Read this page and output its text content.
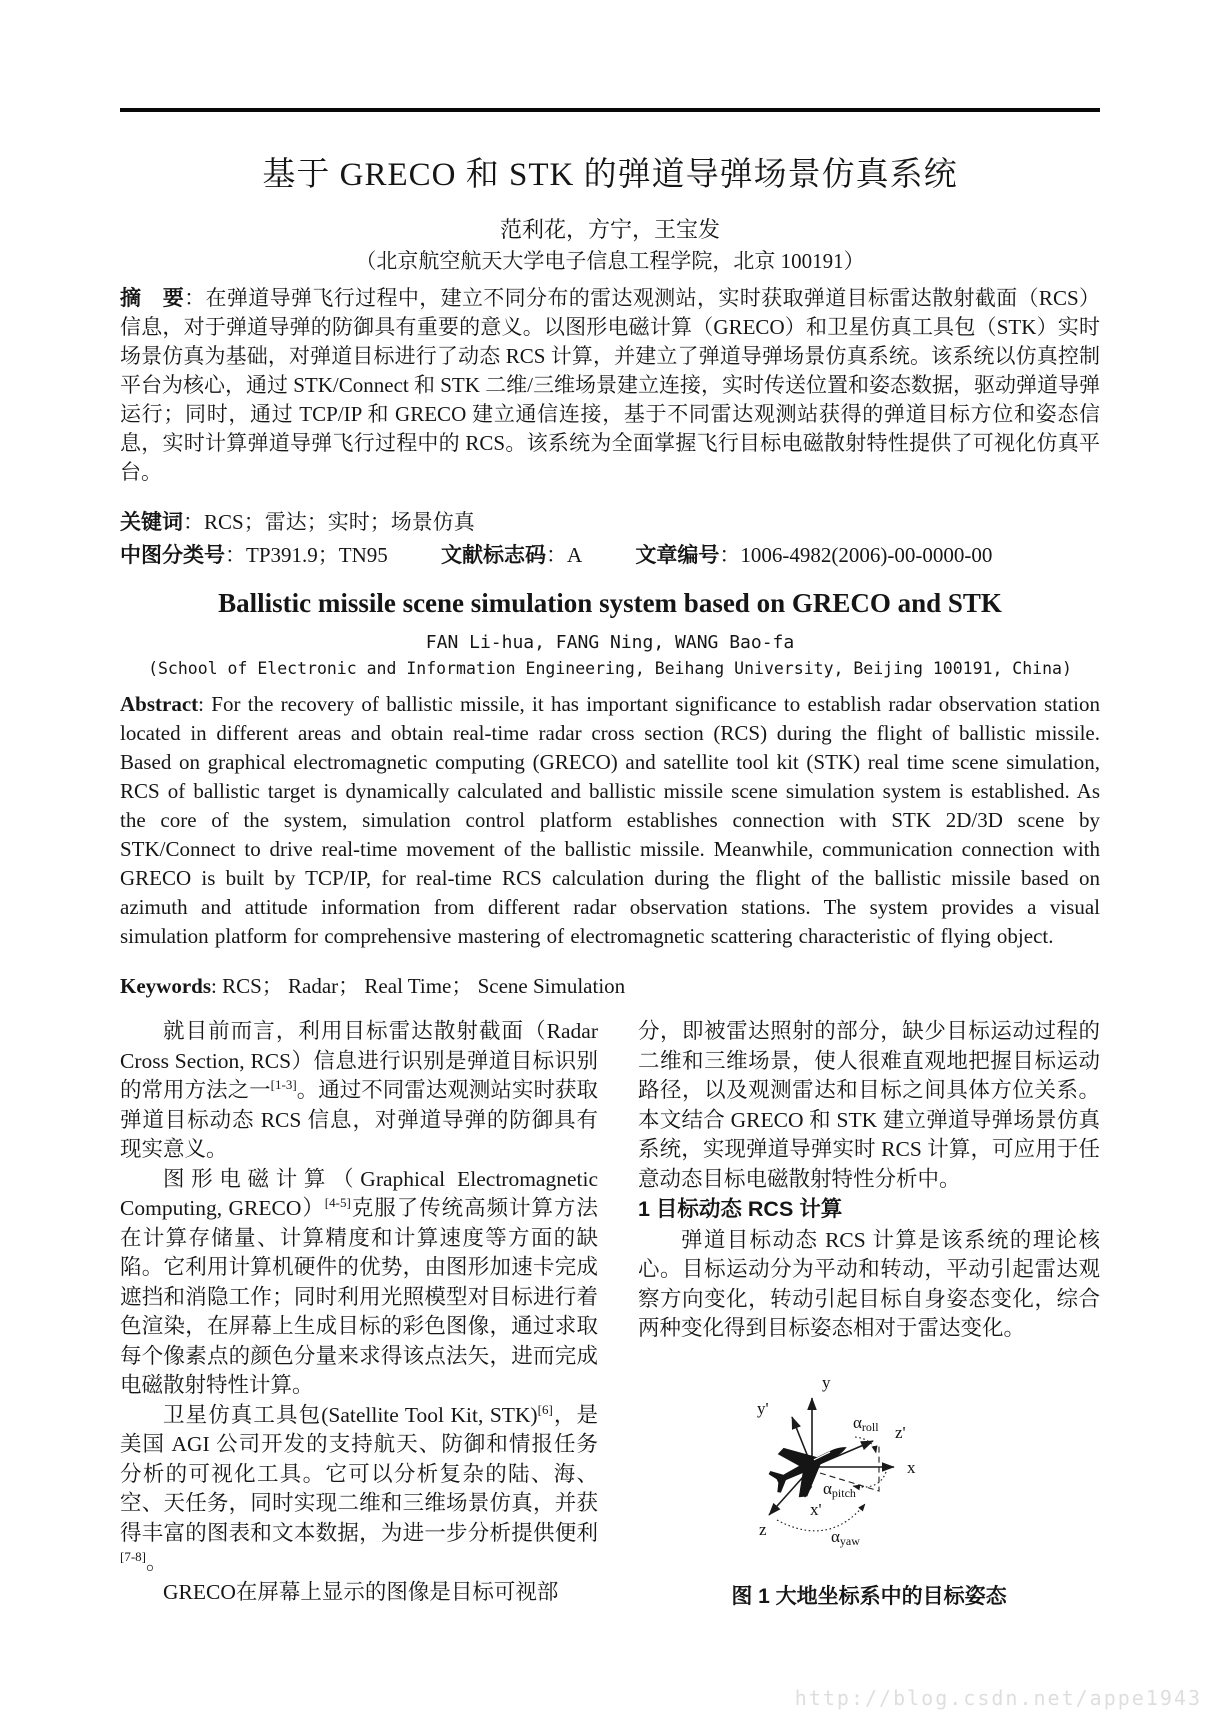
基于 GRECO 和 STK 的弹道导弹场景仿真系统
范利花，方宁，王宝发
（北京航空航天大学电子信息工程学院，北京 100191）

摘　要：在弹道导弹飞行过程中，建立不同分布的雷达观测站，实时获取弹道目标雷达散射截面（RCS）信息，对于弹道导弹的防御具有重要的意义。以图形电磁计算（GRECO）和卫星仿真工具包（STK）实时场景仿真为基础，对弹道目标进行了动态 RCS 计算，并建立了弹道导弹场景仿真系统。该系统以仿真控制平台为核心，通过 STK/Connect 和 STK 二维/三维场景建立连接，实时传送位置和姿态数据，驱动弹道导弹运行；同时，通过 TCP/IP 和 GRECO 建立通信连接，基于不同雷达观测站获得的弹道目标方位和姿态信息，实时计算弹道导弹飞行过程中的 RCS。该系统为全面掌握飞行目标电磁散射特性提供了可视化仿真平台。

关键词：RCS；雷达；实时；场景仿真
中图分类号：TP391.9；TN95	文献标志码：A	文章编号：1006-4982(2006)-00-0000-00
Ballistic missile scene simulation system based on GRECO and STK
FAN Li-hua, FANG Ning, WANG Bao-fa
(School of Electronic and Information Engineering, Beihang University, Beijing 100191, China)

Abstract: For the recovery of ballistic missile, it has important significance to establish radar observation station located in different areas and obtain real-time radar cross section (RCS) during the flight of ballistic missile. Based on graphical electromagnetic computing (GRECO) and satellite tool kit (STK) real time scene simulation, RCS of ballistic target is dynamically calculated and ballistic missile scene simulation system is established. As the core of the system, simulation control platform establishes connection with STK 2D/3D scene by STK/Connect to drive real-time movement of the ballistic missile. Meanwhile, communication connection with GRECO is built by TCP/IP, for real-time RCS calculation during the flight of the ballistic missile based on azimuth and attitude information from different radar observation stations. The system provides a visual simulation platform for comprehensive mastering of electromagnetic scattering characteristic of flying object.

Keywords: RCS； Radar； Real Time； Scene Simulation

就目前而言，利用目标雷达散射截面（Radar Cross Section, RCS）信息进行识别是弹道目标识别的常用方法之一[1-3]。通过不同雷达观测站实时获取弹道目标动态 RCS 信息，对弹道导弹的防御具有现实意义。

图形电磁计算（Graphical Electromagnetic Computing, GRECO）[4-5]克服了传统高频计算方法在计算存储量、计算精度和计算速度等方面的缺陷。它利用计算机硬件的优势，由图形加速卡完成遮挡和消隐工作；同时利用光照模型对目标进行着色渲染，在屏幕上生成目标的彩色图像，通过求取每个像素点的颜色分量来求得该点法矢，进而完成电磁散射特性计算。

卫星仿真工具包(Satellite Tool Kit, STK)[6]，是美国 AGI 公司开发的支持航天、防御和情报任务分析的可视化工具。它可以分析复杂的陆、海、空、天任务，同时实现二维和三维场景仿真，并获得丰富的图表和文本数据，为进一步分析提供便利[7-8]。

GRECO在屏幕上显示的图像是目标可视部

分，即被雷达照射的部分，缺少目标运动过程的二维和三维场景，使人很难直观地把握目标运动路径，以及观测雷达和目标之间具体方位关系。本文结合 GRECO 和 STK 建立弹道导弹场景仿真系统，实现弹道导弹实时 RCS 计算，可应用于任意动态目标电磁散射特性分析中。

1 目标动态 RCS 计算

弹道目标动态 RCS 计算是该系统的理论核心。目标运动分为平动和转动，平动引起雷达观察方向变化，转动引起目标自身姿态变化，综合两种变化得到目标姿态相对于雷达变化。

y
y'
x
z'
z
x'
αroll
αpitch
αyaw
图 1 大地坐标系中的目标姿态
http://blog.csdn.net/appe1943
